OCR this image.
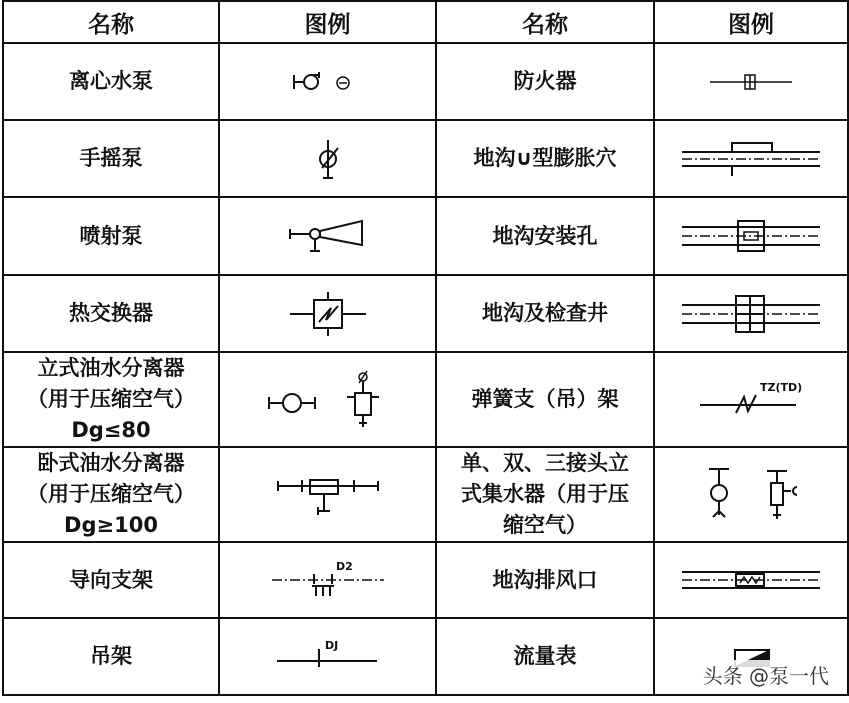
名称	图例	名称	图例
离心水泵		防火器	

手摇泵		地沟∪型膨胀穴	

喷射泵		地沟安装孔	

热交换器		地沟及检查井	

立式油水分离器
（用于压缩空气）
Dg≤80		弹簧支（吊）架	TZ(TD)

卧式油水分离器
（用于压缩空气）
Dg≥100		单、双、三接头立
式集水器（用于压
缩空气）	

导向支架	D2	地沟排风口	

吊架	DJ	流量表	
头条 @泵一代
